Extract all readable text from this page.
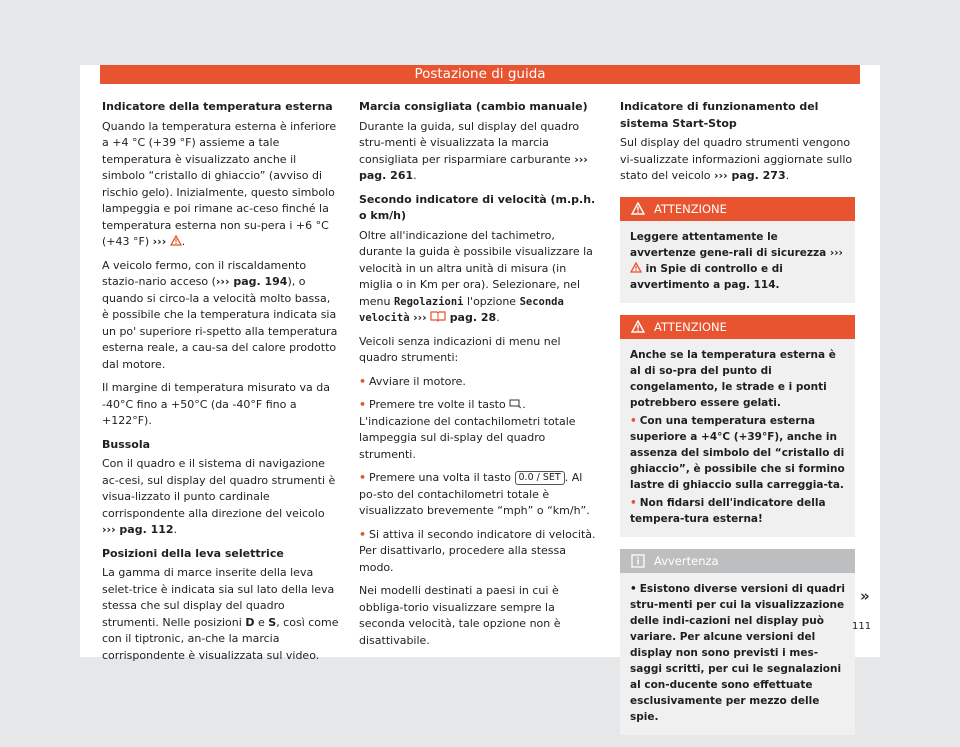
Postazione di guida
Indicatore della temperatura esterna

Quando la temperatura esterna è inferiore a +4 °C (+39 °F) assieme a tale temperatura è visualizzato anche il simbolo “cristallo di ghiaccio” (avviso di rischio gelo). Inizialmente, questo simbolo lampeggia e poi rimane ac-ceso finché la temperatura esterna non su-pera i +6 °C (+43 °F) ››› .

A veicolo fermo, con il riscaldamento stazio-nario acceso (››› pag. 194), o quando si circo-la a velocità molto bassa, è possibile che la temperatura indicata sia un po' superiore ri-spetto alla temperatura esterna reale, a cau-sa del calore prodotto dal motore.

Il margine di temperatura misurato va da -40°C fino a +50°C (da -40°F fino a +122°F).

Bussola

Con il quadro e il sistema di navigazione ac-cesi, sul display del quadro strumenti è visua-lizzato il punto cardinale corrispondente alla direzione del veicolo ››› pag. 112.

Posizioni della leva selettrice

La gamma di marce inserite della leva selet-trice è indicata sia sul lato della leva stessa che sul display del quadro strumenti. Nelle posizioni D e S, così come con il tiptronic, an-che la marcia corrispondente è visualizzata sul video.

Marcia consigliata (cambio manuale)

Durante la guida, sul display del quadro stru-menti è visualizzata la marcia consigliata per risparmiare carburante ››› pag. 261.

Secondo indicatore di velocità (m.p.h. o km/h)

Oltre all'indicazione del tachimetro, durante la guida è possibile visualizzare la velocità in un altra unità di misura (in miglia o in Km per ora). Selezionare, nel menu Regolazioni l'opzione Seconda velocità ››› pag. 28.

Veicoli senza indicazioni di menu nel quadro strumenti:

• Avviare il motore.

• Premere tre volte il tasto . L'indicazione del contachilometri totale lampeggia sul di-splay del quadro strumenti.

• Premere una volta il tasto 0.0 / SET . Al po-sto del contachilometri totale è visualizzato brevemente “mph” o “km/h”.

• Si attiva il secondo indicatore di velocità. Per disattivarlo, procedere alla stessa modo.

Nei modelli destinati a paesi in cui è obbliga-torio visualizzare sempre la seconda velocità, tale opzione non è disattivabile.

Indicatore di funzionamento del sistema Start-Stop

Sul display del quadro strumenti vengono vi-sualizzate informazioni aggiornate sullo stato del veicolo ››› pag. 273.

ATTENZIONE

Leggere attentamente le avvertenze gene-rali di sicurezza ›››  in Spie di controllo e di avvertimento a pag. 114.

ATTENZIONE

Anche se la temperatura esterna è al di so-pra del punto di congelamento, le strade e i ponti potrebbero essere gelati.

• Con una temperatura esterna superiore a +4°C (+39°F), anche in assenza del simbolo del “cristallo di ghiaccio”, è possibile che si formino lastre di ghiaccio sulla carreggia-ta.

• Non fidarsi dell'indicatore della tempera-tura esterna!

Avvertenza

• Esistono diverse versioni di quadri stru-menti per cui la visualizzazione delle indi-cazioni nel display può variare. Per alcune versioni del display non sono previsti i mes-saggi scritti, per cui le segnalazioni al con-ducente sono effettuate esclusivamente per mezzo delle spie.

»
111
